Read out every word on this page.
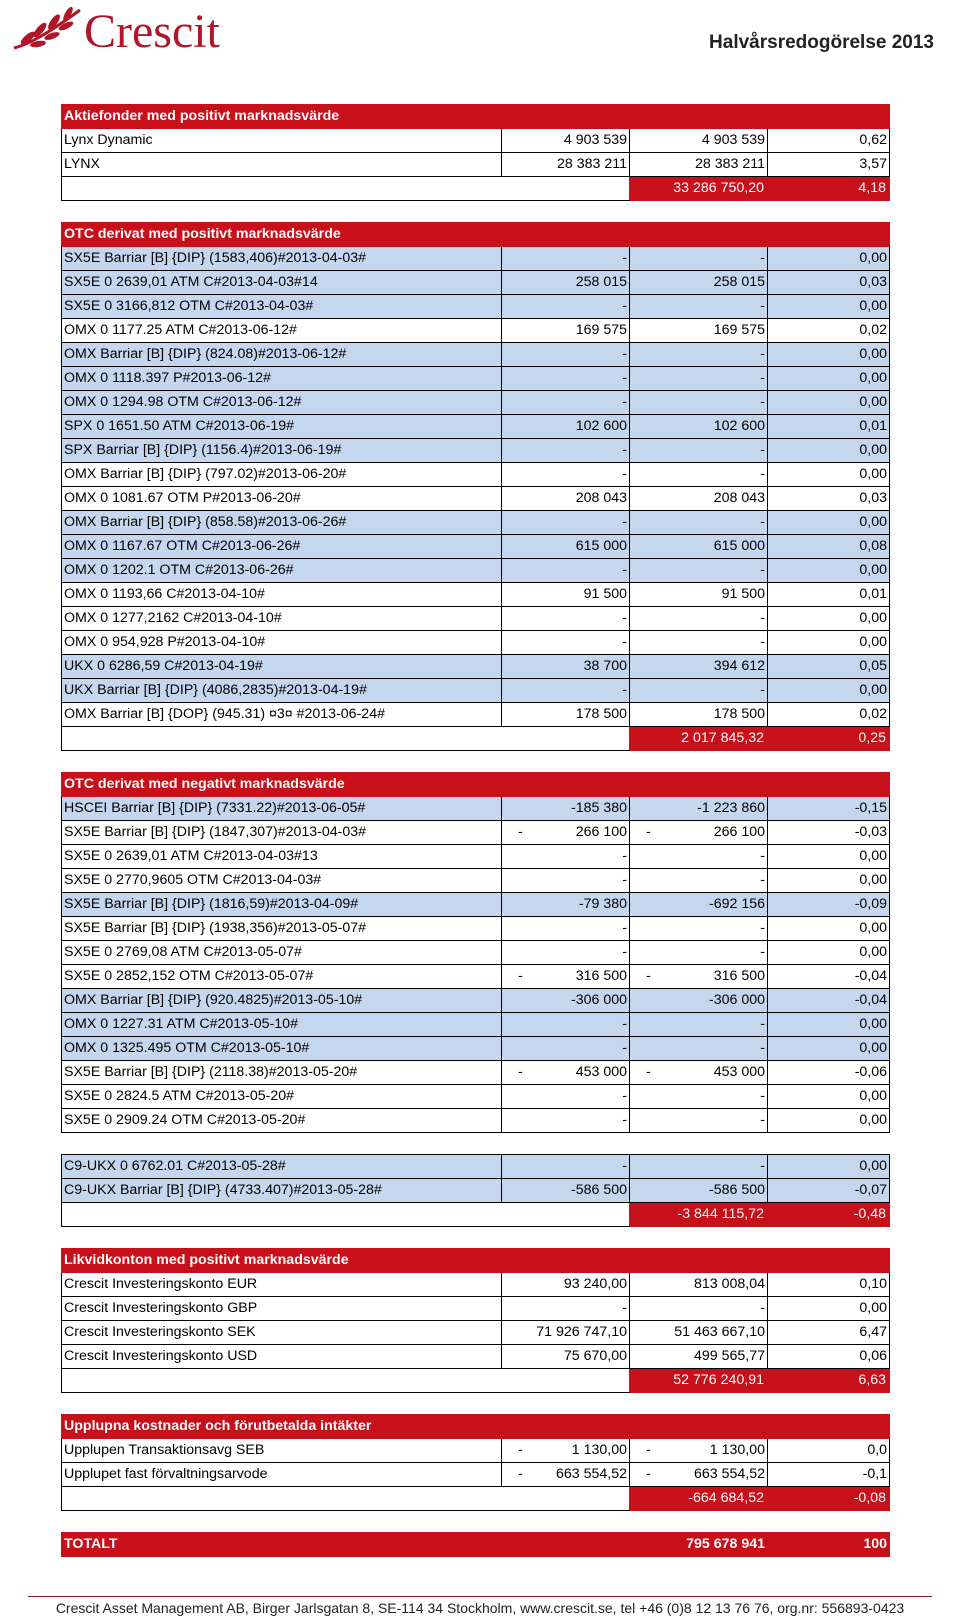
Crescit	Halvårsredogörelse 2013
Aktiefonder med positivt marknadsvärde			
Lynx Dynamic	4 903 539	4 903 539	0,62
LYNX	28 383 211	28 383 211	3,57
		33 286 750,20	4,18

OTC derivat med positivt marknadsvärde			
SX5E Barriar [B] {DIP} (1583,406)#2013-04-03#	-	-	0,00
SX5E 0 2639,01 ATM C#2013-04-03#14	258 015	258 015	0,03
SX5E 0 3166,812 OTM C#2013-04-03#	-	-	0,00
OMX 0 1177.25 ATM C#2013-06-12#	169 575	169 575	0,02
OMX Barriar [B] {DIP} (824.08)#2013-06-12#	-	-	0,00
OMX 0 1118.397 P#2013-06-12#	-	-	0,00
OMX 0 1294.98 OTM C#2013-06-12#	-	-	0,00
SPX 0 1651.50 ATM C#2013-06-19#	102 600	102 600	0,01
SPX Barriar [B] {DIP} (1156.4)#2013-06-19#	-	-	0,00
OMX Barriar [B] {DIP} (797.02)#2013-06-20#	-	-	0,00
OMX 0 1081.67 OTM P#2013-06-20#	208 043	208 043	0,03
OMX Barriar [B] {DIP} (858.58)#2013-06-26#	-	-	0,00
OMX 0 1167.67 OTM C#2013-06-26#	615 000	615 000	0,08
OMX 0 1202.1 OTM C#2013-06-26#	-	-	0,00
OMX 0 1193,66 C#2013-04-10#	91 500	91 500	0,01
OMX 0 1277,2162 C#2013-04-10#	-	-	0,00
OMX 0 954,928 P#2013-04-10#	-	-	0,00
UKX 0 6286,59 C#2013-04-19#	38 700	394 612	0,05
UKX Barriar [B] {DIP} (4086,2835)#2013-04-19#	-	-	0,00
OMX Barriar [B] {DOP} (945.31) ¤3¤ #2013-06-24#	178 500	178 500	0,02
		2 017 845,32	0,25

OTC derivat med negativt marknadsvärde			
HSCEI Barriar [B] {DIP} (7331.22)#2013-06-05#	-185 380	-1 223 860	-0,15
SX5E Barriar [B] {DIP} (1847,307)#2013-04-03#	- 266 100	- 266 100	-0,03
SX5E 0 2639,01 ATM C#2013-04-03#13	-	-	0,00
SX5E 0 2770,9605 OTM C#2013-04-03#	-	-	0,00
SX5E Barriar [B] {DIP} (1816,59)#2013-04-09#	-79 380	-692 156	-0,09
SX5E Barriar [B] {DIP} (1938,356)#2013-05-07#	-	-	0,00
SX5E 0 2769,08 ATM C#2013-05-07#	-	-	0,00
SX5E 0 2852,152 OTM C#2013-05-07#	- 316 500	- 316 500	-0,04
OMX Barriar [B] {DIP} (920.4825)#2013-05-10#	-306 000	-306 000	-0,04
OMX 0 1227.31 ATM C#2013-05-10#	-	-	0,00
OMX 0 1325.495 OTM C#2013-05-10#	-	-	0,00
SX5E Barriar [B] {DIP} (2118.38)#2013-05-20#	- 453 000	- 453 000	-0,06
SX5E 0 2824.5 ATM C#2013-05-20#	-	-	0,00
SX5E 0 2909.24 OTM C#2013-05-20#	-	-	0,00

C9-UKX 0 6762.01 C#2013-05-28#	-	-	0,00
C9-UKX Barriar [B] {DIP} (4733.407)#2013-05-28#	-586 500	-586 500	-0,07
		-3 844 115,72	-0,48

Likvidkonton med positivt marknadsvärde			
Crescit Investeringskonto EUR	93 240,00	813 008,04	0,10
Crescit Investeringskonto GBP	-	-	0,00
Crescit Investeringskonto SEK	71 926 747,10	51 463 667,10	6,47
Crescit Investeringskonto USD	75 670,00	499 565,77	0,06
		52 776 240,91	6,63

Upplupna kostnader och förutbetalda intäkter			
Upplupen Transaktionsavg SEB	- 1 130,00	- 1 130,00	0,0
Upplupet fast förvaltningsarvode	- 663 554,52	- 663 554,52	-0,1
		-664 684,52	-0,08

TOTALT		795 678 941	100
Crescit Asset Management AB, Birger Jarlsgatan 8, SE-114 34 Stockholm, www.crescit.se, tel +46 (0)8 12 13 76 76, org.nr: 556893-0423
